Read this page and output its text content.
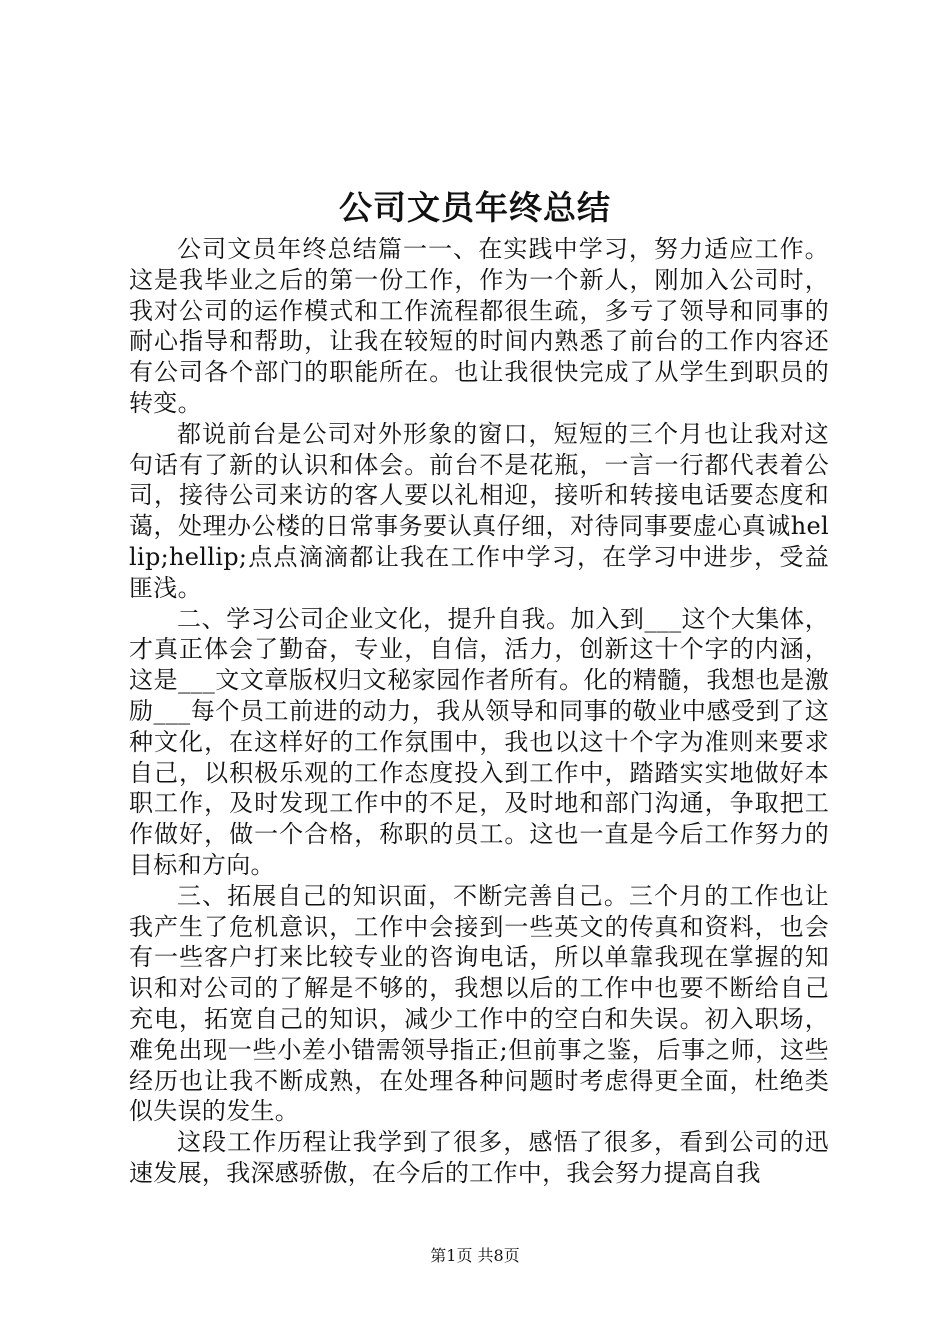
公司文员年终总结

公司文员年终总结篇一一、在实践中学习，努力适应工作。这是我毕业之后的第一份工作，作为一个新人，刚加入公司时，我对公司的运作模式和工作流程都很生疏，多亏了领导和同事的耐心指导和帮助，让我在较短的时间内熟悉了前台的工作内容还有公司各个部门的职能所在。也让我很快完成了从学生到职员的转变。

都说前台是公司对外形象的窗口，短短的三个月也让我对这句话有了新的认识和体会。前台不是花瓶，一言一行都代表着公司，接待公司来访的客人要以礼相迎，接听和转接电话要态度和蔼，处理办公楼的日常事务要认真仔细，对待同事要虚心真诚hellip;hellip;点点滴滴都让我在工作中学习，在学习中进步，受益匪浅。

二、学习公司企业文化，提升自我。加入到___这个大集体，才真正体会了勤奋，专业，自信，活力，创新这十个字的内涵，这是___文文章版权归文秘家园作者所有。化的精髓，我想也是激励___每个员工前进的动力，我从领导和同事的敬业中感受到了这种文化，在这样好的工作氛围中，我也以这十个字为准则来要求自己，以积极乐观的工作态度投入到工作中，踏踏实实地做好本职工作，及时发现工作中的不足，及时地和部门沟通，争取把工作做好，做一个合格，称职的员工。这也一直是今后工作努力的目标和方向。

三、拓展自己的知识面，不断完善自己。三个月的工作也让我产生了危机意识，工作中会接到一些英文的传真和资料，也会有一些客户打来比较专业的咨询电话，所以单靠我现在掌握的知识和对公司的了解是不够的，我想以后的工作中也要不断给自己充电，拓宽自己的知识，减少工作中的空白和失误。初入职场，难免出现一些小差小错需领导指正;但前事之鉴，后事之师，这些经历也让我不断成熟，在处理各种问题时考虑得更全面，杜绝类似失误的发生。

这段工作历程让我学到了很多，感悟了很多，看到公司的迅速发展，我深感骄傲，在今后的工作中，我会努力提高自我

第1页 共8页
